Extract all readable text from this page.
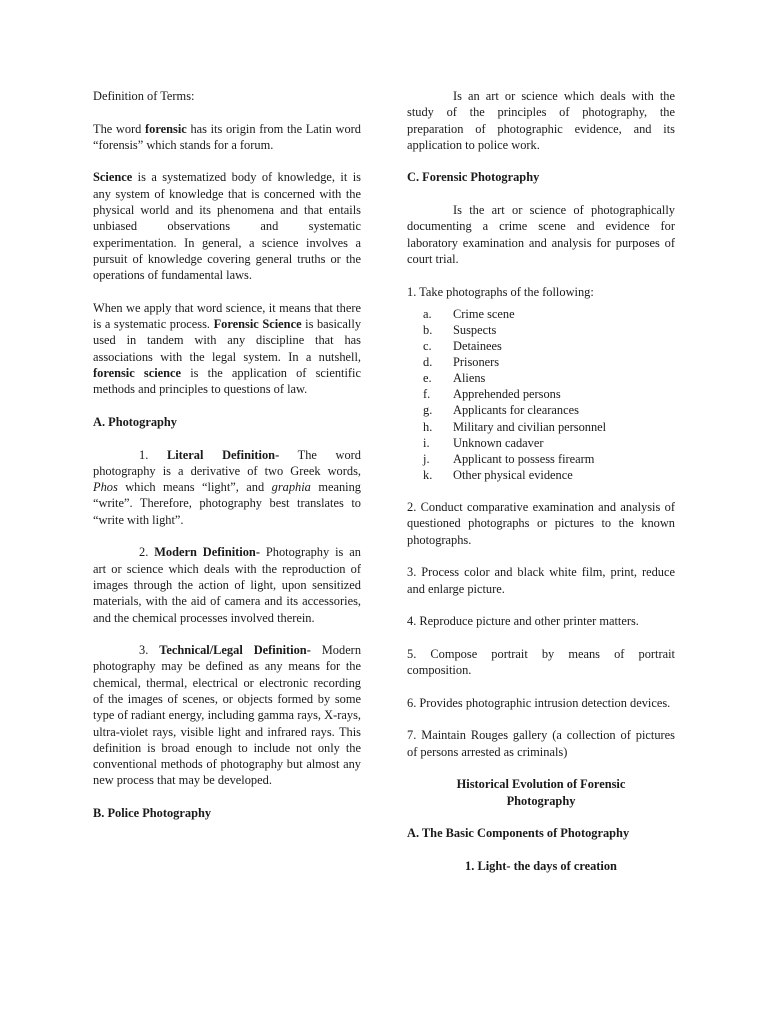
Definition of Terms:

The word forensic has its origin from the Latin word “forensis” which stands for a forum.

Science is a systematized body of knowledge, it is any system of knowledge that is concerned with the physical world and its phenomena and that entails unbiased observations and systematic experimentation. In general, a science involves a pursuit of knowledge covering general truths or the operations of fundamental laws.

When we apply that word science, it means that there is a systematic process. Forensic Science is basically used in tandem with any discipline that has associations with the legal system. In a nutshell, forensic science is the application of scientific methods and principles to questions of law.

A. Photography

1. Literal Definition- The word photography is a derivative of two Greek words, Phos which means “light”, and graphia meaning “write”. Therefore, photography best translates to “write with light”.

2. Modern Definition- Photography is an art or science which deals with the reproduction of images through the action of light, upon sensitized materials, with the aid of camera and its accessories, and the chemical processes involved therein.

3. Technical/Legal Definition- Modern photography may be defined as any means for the chemical, thermal, electrical or electronic recording of the images of scenes, or objects formed by some type of radiant energy, including gamma rays, X-rays, ultra-violet rays, visible light and infrared rays. This definition is broad enough to include not only the conventional methods of photography but almost any new process that may be developed.

B. Police Photography

Is an art or science which deals with the study of the principles of photography, the preparation of photographic evidence, and its application to police work.

C. Forensic Photography

Is the art or science of photographically documenting a crime scene and evidence for laboratory examination and analysis for purposes of court trial.

1. Take photographs of the following:

a.	Crime scene
b.	Suspects
c.	Detainees
d.	Prisoners
e.	Aliens
f.	Apprehended persons
g.	Applicants for clearances
h.	Military and civilian personnel
i.	Unknown cadaver
j.	Applicant to possess firearm
k.	Other physical evidence

2. Conduct comparative examination and analysis of questioned photographs or pictures to the known photographs.

3. Process color and black white film, print, reduce and enlarge picture.

4. Reproduce picture and other printer matters.

5. Compose portrait by means of portrait composition.

6. Provides photographic intrusion detection devices.

7. Maintain Rouges gallery (a collection of pictures of persons arrested as criminals)

Historical Evolution of Forensic Photography
A. The Basic Components of Photography
1. Light- the days of creation
